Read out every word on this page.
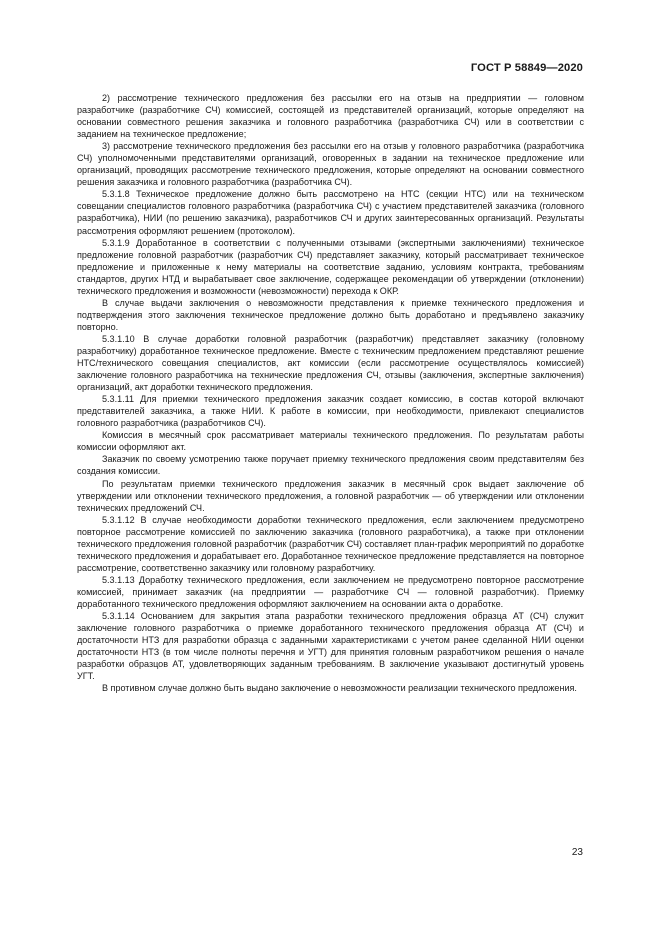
ГОСТ Р 58849—2020

2) рассмотрение технического предложения без рассылки его на отзыв на предприятии — головном разработчике (разработчике СЧ) комиссией, состоящей из представителей организаций, которые определяют на основании совместного решения заказчика и головного разработчика (разработчика СЧ) или в соответствии с заданием на техническое предложение;

3) рассмотрение технического предложения без рассылки его на отзыв у головного разработчика (разработчика СЧ) уполномоченными представителями организаций, оговоренных в задании на техническое предложение или организаций, проводящих рассмотрение технического предложения, которые определяют на основании совместного решения заказчика и головного разработчика (разработчика СЧ).

5.3.1.8 Техническое предложение должно быть рассмотрено на НТС (секции НТС) или на техническом совещании специалистов головного разработчика (разработчика СЧ) с участием представителей заказчика (головного разработчика), НИИ (по решению заказчика), разработчиков СЧ и других заинтересованных организаций. Результаты рассмотрения оформляют решением (протоколом).

5.3.1.9 Доработанное в соответствии с полученными отзывами (экспертными заключениями) техническое предложение головной разработчик (разработчик СЧ) представляет заказчику, который рассматривает техническое предложение и приложенные к нему материалы на соответствие заданию, условиям контракта, требованиям стандартов, других НТД и вырабатывает свое заключение, содержащее рекомендации об утверждении (отклонении) технического предложения и возможности (невозможности) перехода к ОКР.

В случае выдачи заключения о невозможности представления к приемке технического предложения и подтверждения этого заключения техническое предложение должно быть доработано и предъявлено заказчику повторно.

5.3.1.10 В случае доработки головной разработчик (разработчик) представляет заказчику (головному разработчику) доработанное техническое предложение. Вместе с техническим предложением представляют решение НТС/технического совещания специалистов, акт комиссии (если рассмотрение осуществлялось комиссией) заключение головного разработчика на технические предложения СЧ, отзывы (заключения, экспертные заключения) организаций, акт доработки технического предложения.

5.3.1.11 Для приемки технического предложения заказчик создает комиссию, в состав которой включают представителей заказчика, а также НИИ. К работе в комиссии, при необходимости, привлекают специалистов головного разработчика (разработчиков СЧ).

Комиссия в месячный срок рассматривает материалы технического предложения. По результатам работы комиссии оформляют акт.

Заказчик по своему усмотрению также поручает приемку технического предложения своим представителям без создания комиссии.

По результатам приемки технического предложения заказчик в месячный срок выдает заключение об утверждении или отклонении технического предложения, а головной разработчик — об утверждении или отклонении технических предложений СЧ.

5.3.1.12 В случае необходимости доработки технического предложения, если заключением предусмотрено повторное рассмотрение комиссией по заключению заказчика (головного разработчика), а также при отклонении технического предложения головной разработчик (разработчик СЧ) составляет план-график мероприятий по доработке технического предложения и дорабатывает его. Доработанное техническое предложение представляется на повторное рассмотрение, соответственно заказчику или головному разработчику.

5.3.1.13 Доработку технического предложения, если заключением не предусмотрено повторное рассмотрение комиссией, принимает заказчик (на предприятии — разработчике СЧ — головной разработчик). Приемку доработанного технического предложения оформляют заключением на основании акта о доработке.

5.3.1.14 Основанием для закрытия этапа разработки технического предложения образца АТ (СЧ) служит заключение головного разработчика о приемке доработанного технического предложения образца АТ (СЧ) и достаточности НТЗ для разработки образца с заданными характеристиками с учетом ранее сделанной НИИ оценки достаточности НТЗ (в том числе полноты перечня и УГТ) для принятия головным разработчиком решения о начале разработки образцов АТ, удовлетворяющих заданным требованиям. В заключение указывают достигнутый уровень УГТ.

В противном случае должно быть выдано заключение о невозможности реализации технического предложения.

23
